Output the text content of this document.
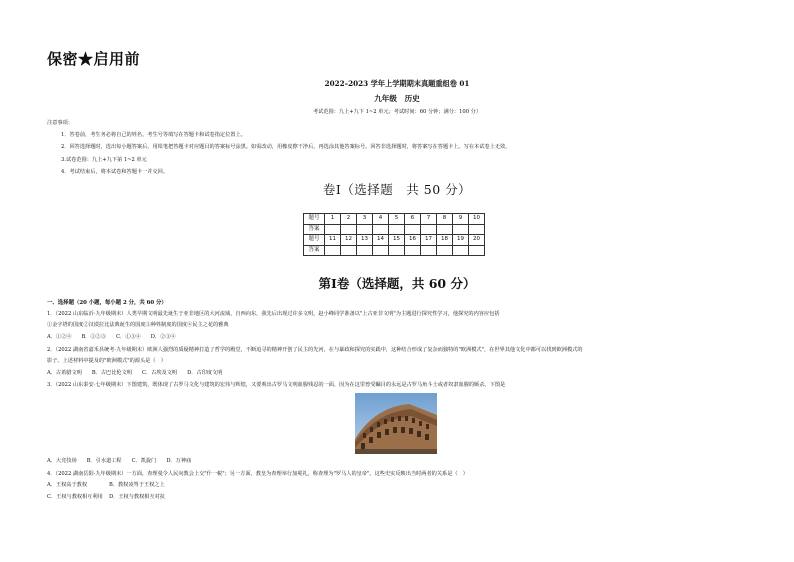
保密★启用前
2022–2023 学年上学期期末真题重组卷 01
九年级　历史
考试范围：九上+九下 1~2 单元；考试时间：60 分钟；满分：100 分）
注意事项：
1．答卷前，考生务必将自己的姓名、考生号等填写在答题卡和试卷指定位置上。
2．回答选择题时，选出每小题答案后，用铅笔把答题卡对应题目的答案标号涂黑。如需改动，用橡皮擦干净后，再选涂其他答案标号。回答非选择题时，将答案写在答题卡上。写在本试卷上无效。
3.试卷范围：九上+九下第 1~2 单元
4．考试结束后，将本试卷和答题卡一并交回。
卷Ⅰ（选择题　共 50 分）
题号	1	2	3	4	5	6	7	8	9	10
答案										
题号	11	12	13	14	15	16	17	18	19	20
答案										
第Ⅰ卷（选择题，共 60 分）
一、选择题（20 小题，每小题 2 分，共 60 分）
1．（2022 山东临沂·九年级期末）人类早期文明最先诞生于亚非地区的大河流域，自西向东，我先后出现过许多文明，赵小峰同学准备以"上古亚非文明"为主题进行探究性学习，他探究的内容应包括
①金字塔的国度②汉谟拉比法典诞生的国度③种姓制度的国度④民主之花的雅典
A．①②④ B．①②③ C．①③④ D．②③④
2．（2022 湖南省嘉禾县统考·九年级期末）欧洲人强烈的质疑精神打造了哲学的殿堂，不断追寻的精神开创了民主的先河，在与暴政和探究的实践中，这种结合形成了复杂而独特的"欧洲模式"，在世界其他文化中都可以找到欧洲模式的
影子。上述材料中提及的"欧洲模式"的源头是（　）
A．古希腊文明 B．古巴比伦文明 C．古埃及文明 D．古印度文明
3．（2022 山东泰安·七年级期末）下图建筑，既体现了古罗马文化与建筑的宏伟与辉煌，又要观出古罗马文明血腥残忍的一面，因为在这里曾受瞩目的永远是古罗马角斗士或者奴隶血腥的厮杀。下图是
A．大竞技场 B．引水道工程 C．凯旋门 D．万神庙
4．（2022 湖南岳阳·九年级期末）一方面，查理曼令人民向教会上交"什一税"；另一方面，教皇为查理举行加冕礼，称查理为"罗马人的皇帝"。这些史实反映出当时两者的关系是（　）
A．王权高于教权	B．教权凌驾于王权之上
C．王权与教权相互利用 D．王权与教权相互对抗
